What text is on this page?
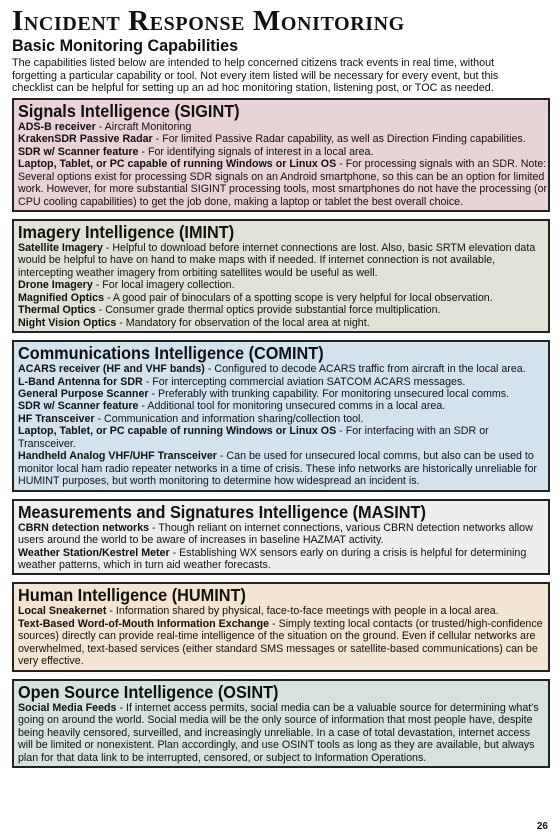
Incident Response Monitoring
Basic Monitoring Capabilities

The capabilities listed below are intended to help concerned citizens track events in real time, without forgetting a particular capability or tool. Not every item listed will be necessary for every event, but this checklist can be helpful for setting up an ad hoc monitoring station, listening post, or TOC as needed.

Signals Intelligence (SIGINT)

ADS-B receiver - Aircraft Monitoring

KrakenSDR Passive Radar - For limited Passive Radar capability, as well as Direction Finding capabilities.

SDR w/ Scanner feature - For identifying signals of interest in a local area.

Laptop, Tablet, or PC capable of running Windows or Linux OS - For processing signals with an SDR. Note: Several options exist for processing SDR signals on an Android smartphone, so this can be an option for limited work. However, for more substantial SIGINT processing tools, most smartphones do not have the processing (or CPU cooling capabilities) to get the job done, making a laptop or tablet the best overall choice.

Imagery Intelligence (IMINT)

Satellite Imagery - Helpful to download before internet connections are lost. Also, basic SRTM elevation data would be helpful to have on hand to make maps with if needed. If internet connection is not available, intercepting weather imagery from orbiting satellites would be useful as well.

Drone Imagery - For local imagery collection.

Magnified Optics - A good pair of binoculars of a spotting scope is very helpful for local observation.

Thermal Optics - Consumer grade thermal optics provide substantial force multiplication.

Night Vision Optics - Mandatory for observation of the local area at night.

Communications Intelligence (COMINT)

ACARS receiver (HF and VHF bands) - Configured to decode ACARS traffic from aircraft in the local area.

L-Band Antenna for SDR - For intercepting commercial aviation SATCOM ACARS messages.

General Purpose Scanner - Preferably with trunking capability. For monitoring unsecured local comms.

SDR w/ Scanner feature - Additional tool for monitoring unsecured comms in a local area.

HF Transceiver - Communication and information sharing/collection tool.

Laptop, Tablet, or PC capable of running Windows or Linux OS - For interfacing with an SDR or Transceiver.

Handheld Analog VHF/UHF Transceiver - Can be used for unsecured local comms, but also can be used to monitor local ham radio repeater networks in a time of crisis. These info networks are historically unreliable for HUMINT purposes, but worth monitoring to determine how widespread an incident is.

Measurements and Signatures Intelligence (MASINT)

CBRN detection networks - Though reliant on internet connections, various CBRN detection networks allow users around the world to be aware of increases in baseline HAZMAT activity.

Weather Station/Kestrel Meter - Establishing WX sensors early on during a crisis is helpful for determining weather patterns, which in turn aid weather forecasts.

Human Intelligence (HUMINT)

Local Sneakernet - Information shared by physical, face-to-face meetings with people in a local area.

Text-Based Word-of-Mouth Information Exchange - Simply texting local contacts (or trusted/high-confidence sources) directly can provide real-time intelligence of the situation on the ground. Even if cellular networks are overwhelmed, text-based services (either standard SMS messages or satellite-based communications) can be very effective.

Open Source Intelligence (OSINT)

Social Media Feeds - If internet access permits, social media can be a valuable source for determining what's going on around the world. Social media will be the only source of information that most people have, despite being heavily censored, surveilled, and increasingly unreliable. In a case of total devastation, internet access will be limited or nonexistent. Plan accordingly, and use OSINT tools as long as they are available, but always plan for that data link to be interrupted, censored, or subject to Information Operations.

26
